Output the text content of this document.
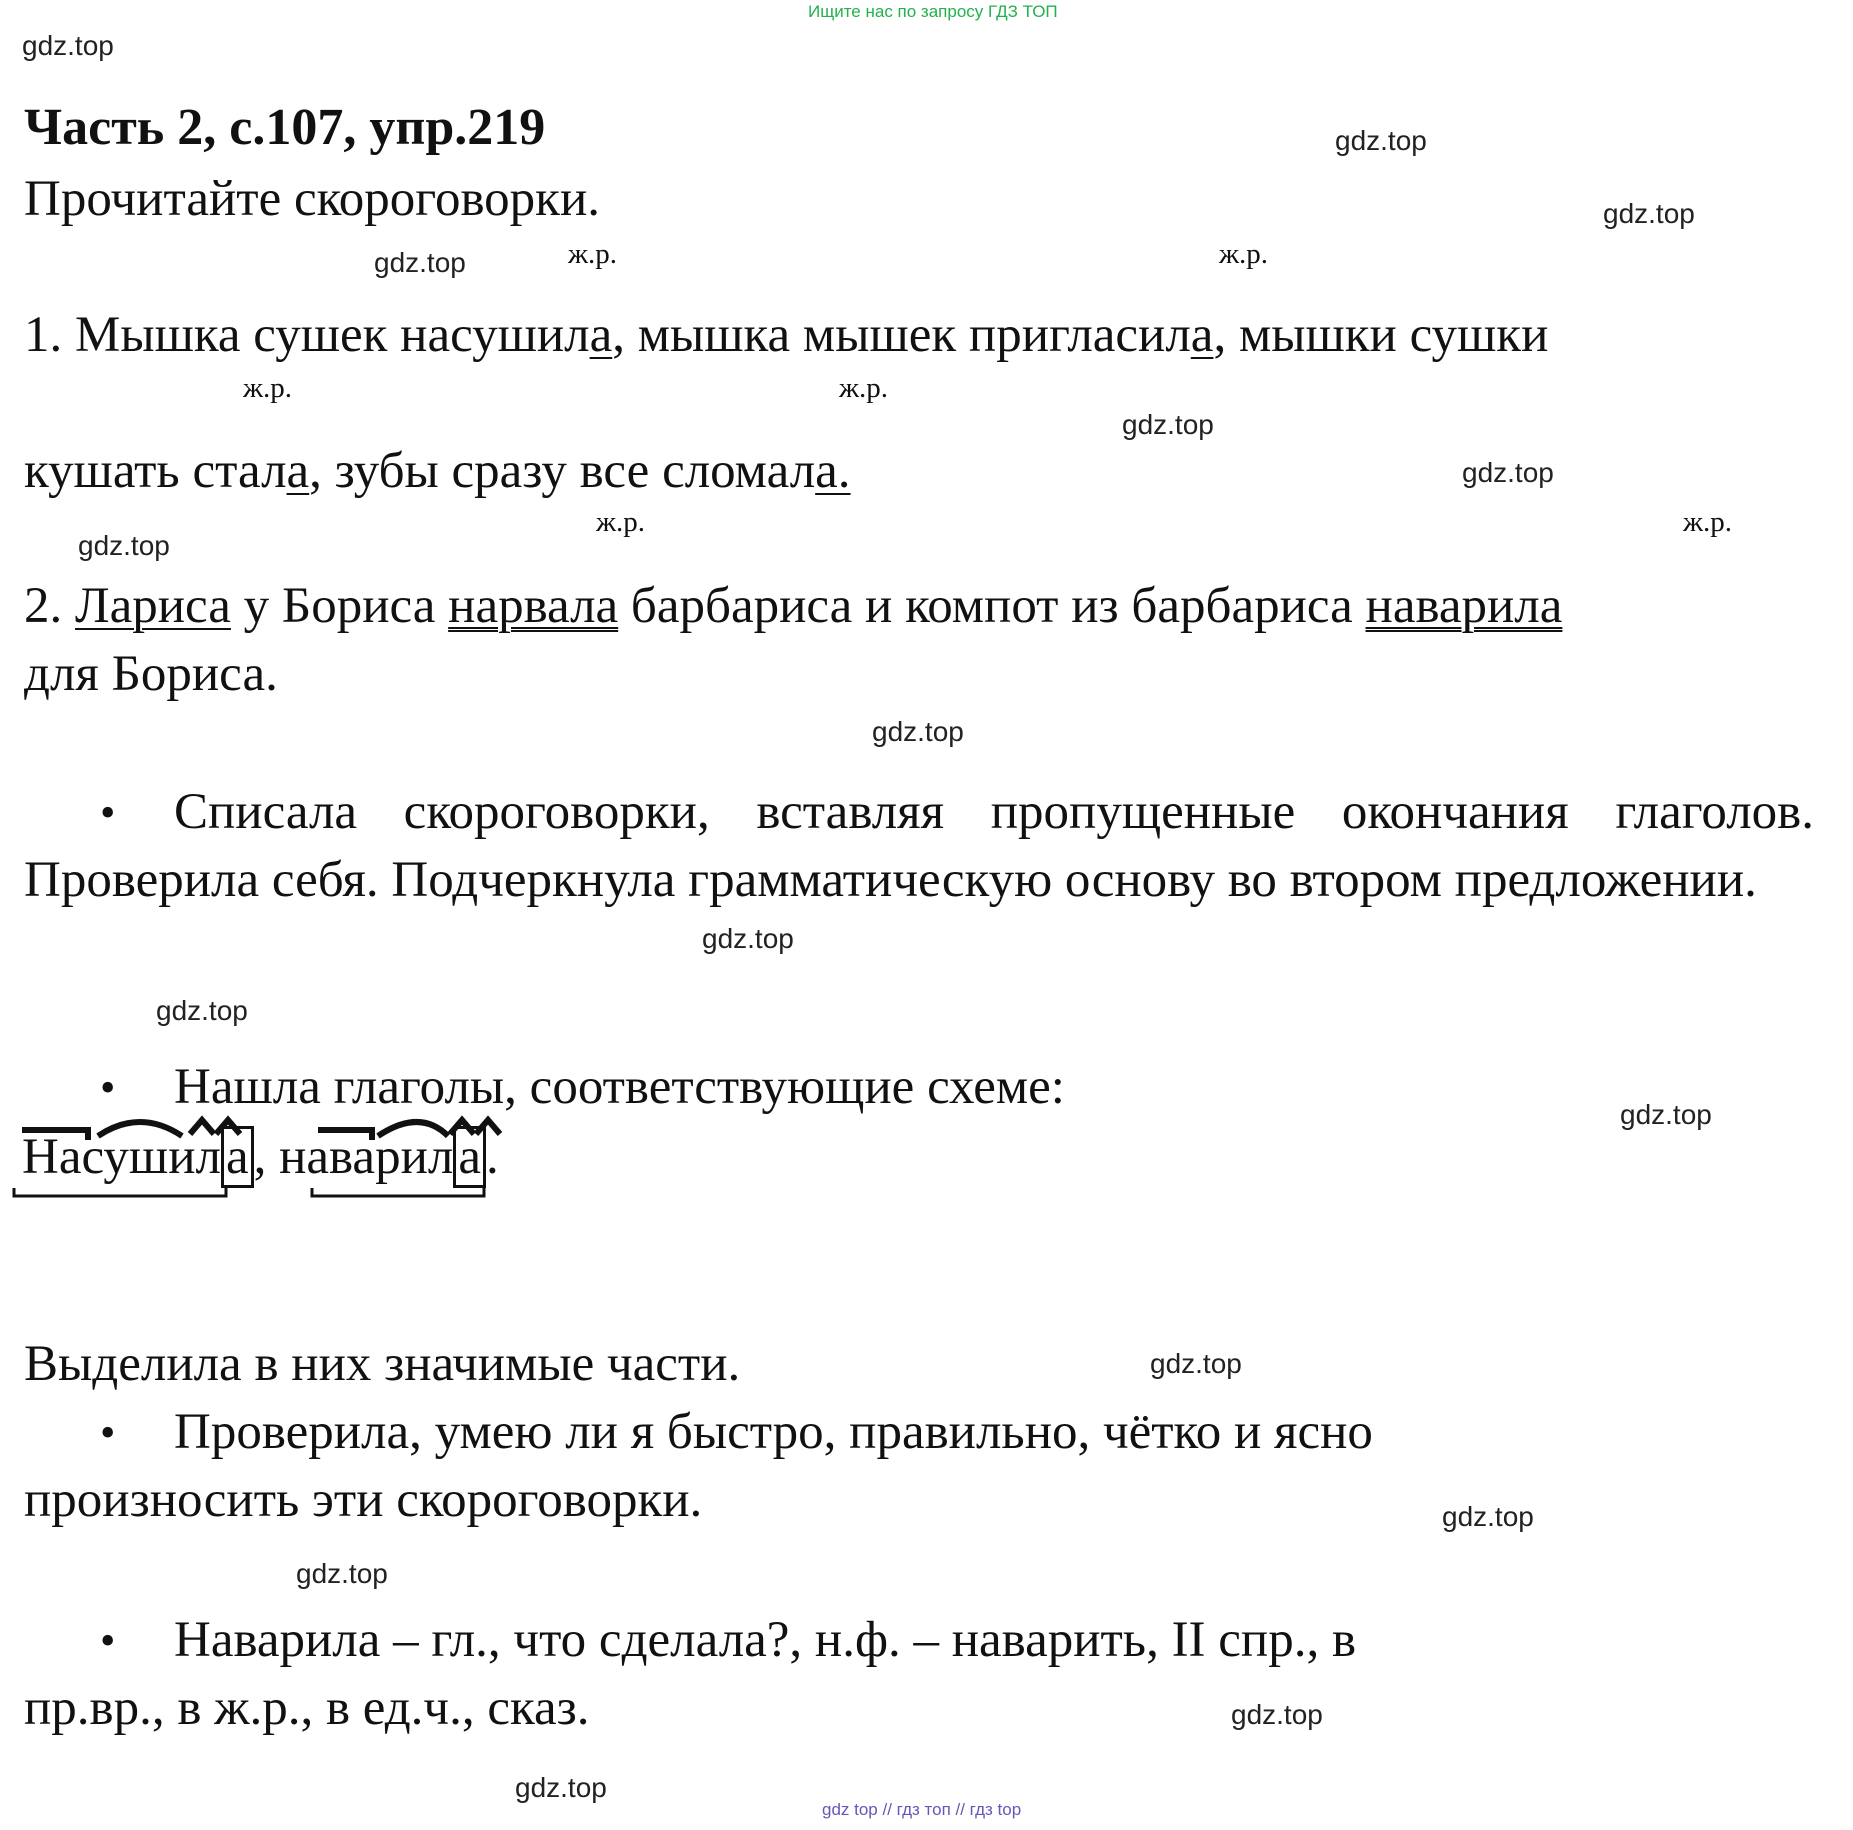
Ищите нас по запросу ГДЗ ТОП
gdz top // гдз топ // гдз top
gdz.top
gdz.top
gdz.top
gdz.top
gdz.top
gdz.top
gdz.top
gdz.top
gdz.top
gdz.top
gdz.top
gdz.top
gdz.top
gdz.top
gdz.top
gdz.top
Часть 2, с.107, упр.219
Прочитайте скороговорки.
ж.р.	ж.р.
ж.р.	ж.р.
ж.р.	ж.р.
1. Мышка сушек насушила, мышка мышек пригласила, мышки сушки
кушать стала, зубы сразу все сломала.
2. Лариса у Бориса нарвала барбариса и компот из барбариса наварила
для Бориса.
•	Списала скороговорки, вставляя пропущенные окончания глаголов. Проверила себя. Подчеркнула грамматическую основу во втором предложении.
• Нашла глаголы, соответствующие схеме:
Насушила, наварила.
Выделила в них значимые части.
• Проверила, умею ли я быстро, правильно, чётко и ясно
произносить эти скороговорки.
• Наварила – гл., что сделала?, н.ф. – наварить, II спр., в
пр.вр., в ж.р., в ед.ч., сказ.
